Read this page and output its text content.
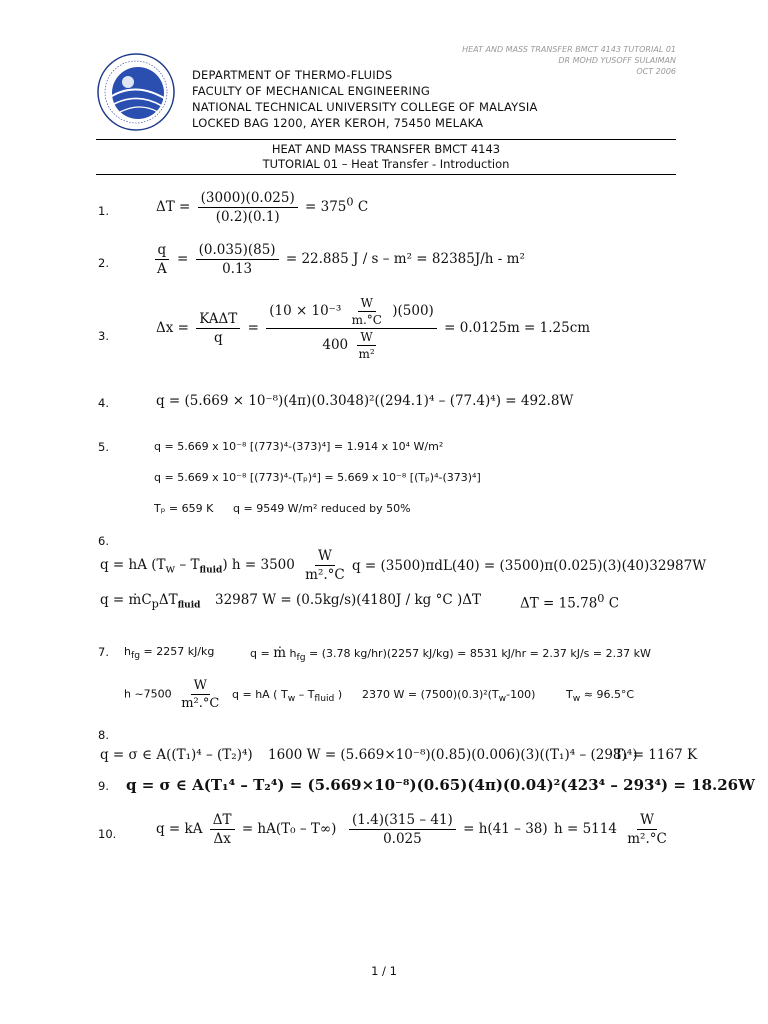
HEAT AND MASS TRANSFER BMCT 4143 TUTORIAL 01
DR MOHD YUSOFF SULAIMAN
OCT 2006
DEPARTMENT OF THERMO-FLUIDS
FACULTY OF MECHANICAL ENGINEERING
NATIONAL TECHNICAL UNIVERSITY COLLEGE OF MALAYSIA
LOCKED BAG 1200, AYER KEROH, 75450 MELAKA
HEAT AND MASS TRANSFER BMCT 4143
TUTORIAL 01 – Heat Transfer - Introduction
1.	$\Delta T = \frac{(3000)(0.025)}{(0.2)(0.1)} = 375^0$ C
2.	$\frac{q}{A} = \frac{(0.035)(85)}{0.13} = 22.885$ J / s – m² = 82385J/h - m²
3.	$\Delta x = \frac{\text{KAΔT}}{q}$ =
$(10 \times 10^{-3} \frac{W}{m.^\circ C} )(500)$
$400 \frac{W}{\text{m²}}$
= 0.0125m = 1.25cm
4.	q = (5.669 × 10⁻⁸)(4π)(0.3048)²((294.1)⁴ – (77.4)⁴) = 492.8W
5.	q = 5.669 x 10⁻⁸ [(773)⁴-(373)⁴] = 1.914 x 10⁴ W/m²
q = 5.669 x 10⁻⁸ [(773)⁴-(Tₚ)⁴] = 5.669 x 10⁻⁸ [(Tₚ)⁴-(373)⁴]
Tₚ = 659 K q = 9549 W/m² reduced by 50%
6.
q = hA $(T_w - T_{fluid}) h = 3500 \frac{W}{\text{m².°C}}$ q = (3500)πdL(40) = (3500)π(0.025)(3)(40)32987W
$q = ṁC_p\Delta T_{fluid}$ 32987 W = (0.5kg/s)(4180J / kg °C )ΔT	$\Delta T = 15.78^0$ C
7. $h_{fg} = 2257$ kJ/kg	q = ṁ $h_{fg} = (3.78$ kg/hr)(2257 kJ/kg) = 8531 kJ/hr = 2.37 kJ/s = 2.37 kW
h ~7500 $\frac{W}{\text{m².°C}}$ q = hA ( $T_w - T_{fluid}$ ) 2370 $W = (7500)(0.3)^2(T_w-100)$	$T_w \approx 96.5^\circ C$
8.
q = σ ∈ A((T₁)⁴ – (T₂)⁴) 1600 W = (5.669×10⁻⁸)(0.85)(0.006)(3)((T₁)⁴ – (298)⁴)
T₁ = 1167 K
9. q = σ ∈ A(T₁⁴ – T₂⁴) = (5.669×10⁻⁸)(0.65)(4π)(0.04)²(423⁴ – 293⁴) = 18.26W
10.	q = kA $\frac{\Delta T}{\Delta x} = hA(T_0 - T\infty) \frac{(1.4)(315 - 41)}{0.025} = h(41 - 38) h = 5114 \frac{W}{\text{m².°C}}$
1 / 1
